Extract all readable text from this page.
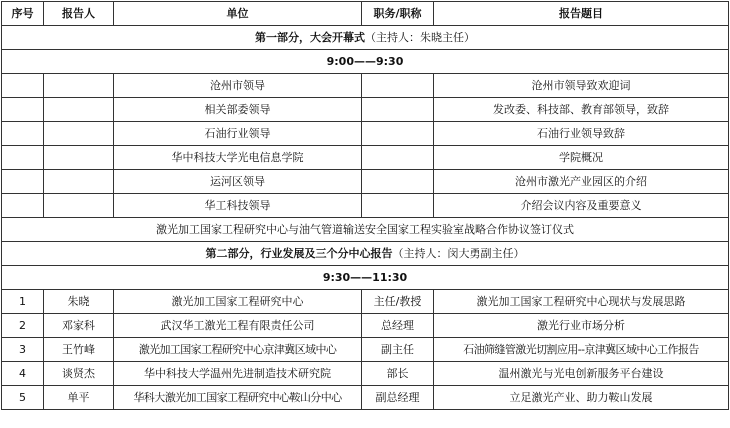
序号	报告人	单位	职务/职称	报告题目
第一部分，大会开幕式（主持人：朱晓主任）				
9:00——9:30				
		沧州市领导		沧州市领导致欢迎词
		相关部委领导		发改委、科技部、教育部领导，致辞
		石油行业领导		石油行业领导致辞
		华中科技大学光电信息学院		学院概况
		运河区领导		沧州市激光产业园区的介绍
		华工科技领导		介绍会议内容及重要意义
激光加工国家工程研究中心与油气管道输送安全国家工程实验室战略合作协议签订仪式				
第二部分，行业发展及三个分中心报告（主持人：闵大勇副主任）				
9:30——11:30				
1	朱晓	激光加工国家工程研究中心	主任/教授	激光加工国家工程研究中心现状与发展思路
2	邓家科	武汉华工激光工程有限责任公司	总经理	激光行业市场分析
3	王竹峰	激光加工国家工程研究中心京津冀区域中心	副主任	石油筛缝管激光切割应用--京津冀区域中心工作报告
4	谈贤杰	华中科技大学温州先进制造技术研究院	部长	温州激光与光电创新服务平台建设
5	单平	华科大激光加工国家工程研究中心鞍山分中心	副总经理	立足激光产业、助力鞍山发展
